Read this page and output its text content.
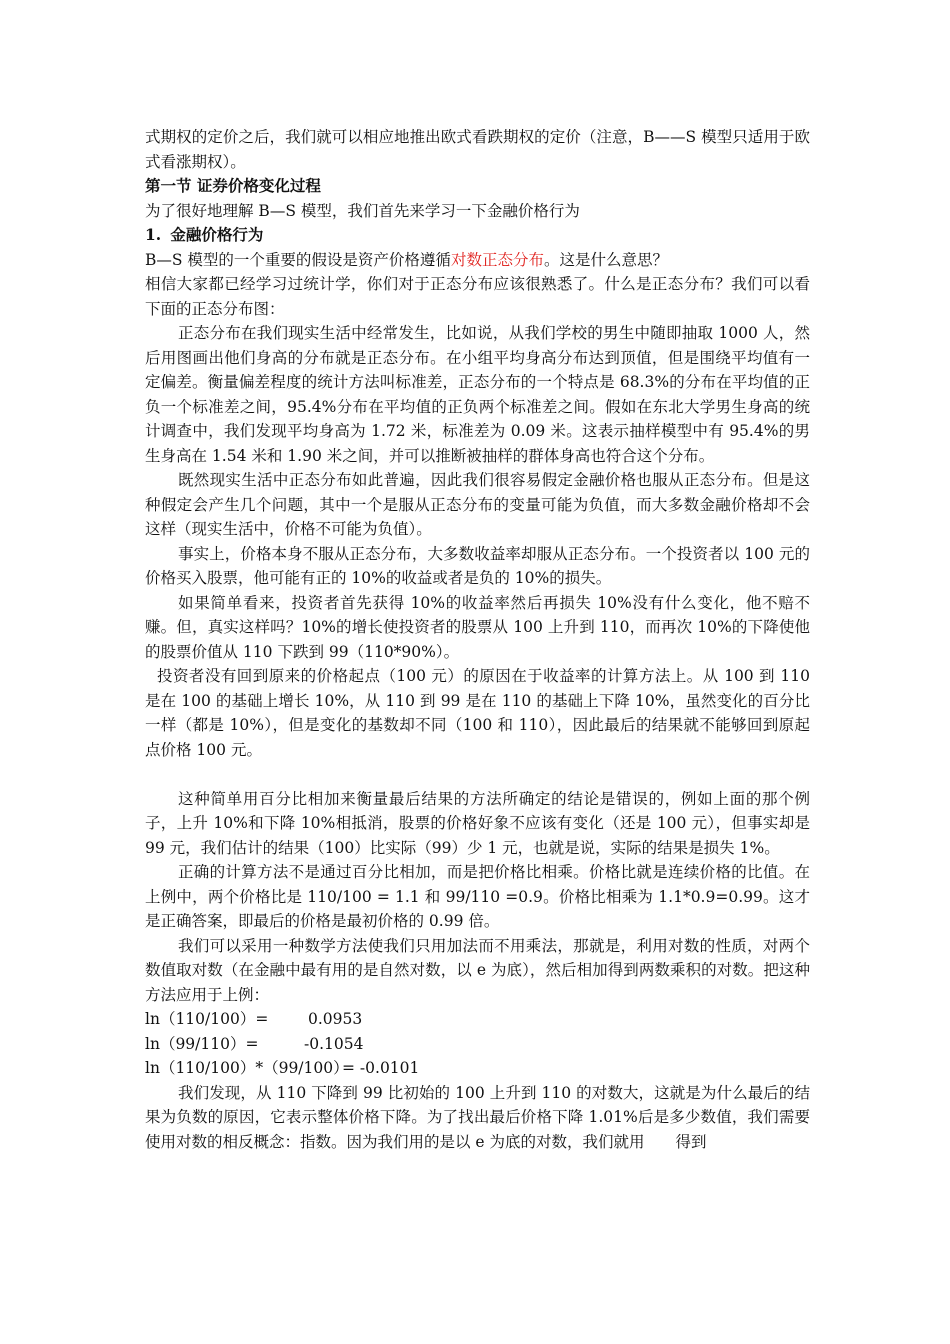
式期权的定价之后，我们就可以相应地推出欧式看跌期权的定价（注意，B——S 模型只适用于欧式看涨期权）。

第一节 证券价格变化过程

为了很好地理解 B—S 模型，我们首先来学习一下金融价格行为

1. 金融价格行为

B—S 模型的一个重要的假设是资产价格遵循对数正态分布。这是什么意思？

相信大家都已经学习过统计学，你们对于正态分布应该很熟悉了。什么是正态分布？我们可以看下面的正态分布图：

正态分布在我们现实生活中经常发生，比如说，从我们学校的男生中随即抽取 1000 人，然后用图画出他们身高的分布就是正态分布。在小组平均身高分布达到顶值，但是围绕平均值有一定偏差。衡量偏差程度的统计方法叫标准差，正态分布的一个特点是 68.3%的分布在平均值的正负一个标准差之间，95.4%分布在平均值的正负两个标准差之间。假如在东北大学男生身高的统计调查中，我们发现平均身高为 1.72 米，标准差为 0.09 米。这表示抽样模型中有 95.4%的男生身高在 1.54 米和 1.90 米之间，并可以推断被抽样的群体身高也符合这个分布。

既然现实生活中正态分布如此普遍，因此我们很容易假定金融价格也服从正态分布。但是这种假定会产生几个问题，其中一个是服从正态分布的变量可能为负值，而大多数金融价格却不会这样（现实生活中，价格不可能为负值）。

事实上，价格本身不服从正态分布，大多数收益率却服从正态分布。一个投资者以 100 元的价格买入股票，他可能有正的 10%的收益或者是负的 10%的损失。

如果简单看来，投资者首先获得 10%的收益率然后再损失 10%没有什么变化，他不赔不赚。但，真实这样吗？10%的增长使投资者的股票从 100 上升到 110，而再次 10%的下降使他的股票价值从 110 下跌到 99（110*90%）。

投资者没有回到原来的价格起点（100 元）的原因在于收益率的计算方法上。从 100 到 110 是在 100 的基础上增长 10%，从 110 到 99 是在 110 的基础上下降 10%，虽然变化的百分比一样（都是 10%），但是变化的基数却不同（100 和 110），因此最后的结果就不能够回到原起点价格 100 元。

这种简单用百分比相加来衡量最后结果的方法所确定的结论是错误的，例如上面的那个例子，上升 10%和下降 10%相抵消，股票的价格好象不应该有变化（还是 100 元），但事实却是 99 元，我们估计的结果（100）比实际（99）少 1 元，也就是说，实际的结果是损失 1%。

正确的计算方法不是通过百分比相加，而是把价格比相乘。价格比就是连续价格的比值。在上例中，两个价格比是 110/100 = 1.1 和 99/110 =0.9。价格比相乘为 1.1*0.9=0.99。这才是正确答案，即最后的价格是最初价格的 0.99 倍。

我们可以采用一种数学方法使我们只用加法而不用乘法，那就是，利用对数的性质，对两个数值取对数（在金融中最有用的是自然对数，以 e 为底），然后相加得到两数乘积的对数。把这种方法应用于上例：

ln（110/100）=	0.0953
ln（99/110）=	-0.1054
ln（110/100）*（99/100）
= -0.0101

我们发现，从 110 下降到 99 比初始的 100 上升到 110 的对数大，这就是为什么最后的结果为负数的原因，它表示整体价格下降。为了找出最后价格下降 1.01%后是多少数值，我们需要使用对数的相反概念：指数。因为我们用的是以 e 为底的对数，我们就用　　得到
